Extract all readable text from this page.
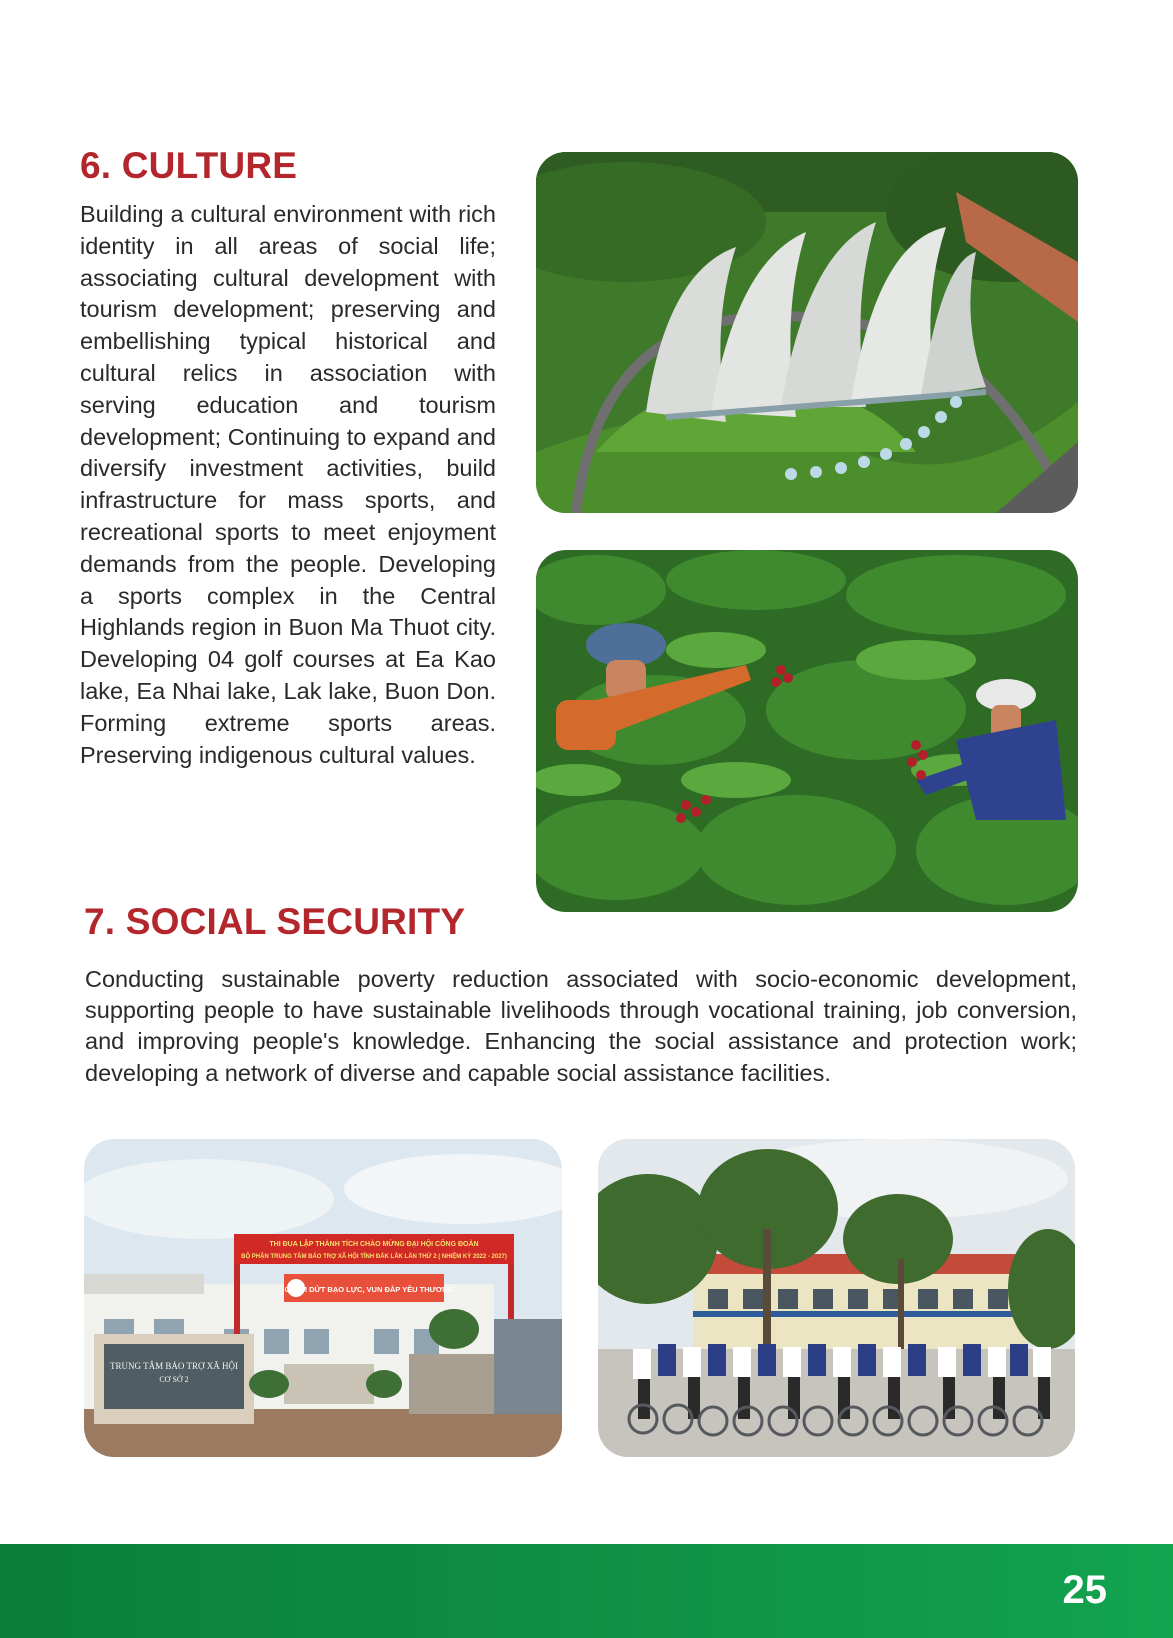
6. CULTURE

Building a cultural environment with rich identity in all areas of social life; associating cultural development with tourism development; preserving and embellishing typical historical and cultural relics in association with serving education and tourism development; Continuing to expand and diversify investment activities, build infrastructure for mass sports, and recreational sports to meet enjoyment demands from the people. Developing a sports complex in the Central Highlands region in Buon Ma Thuot city. Developing 04 golf courses at Ea Kao lake, Ea Nhai lake, Lak lake, Buon Don. Forming extreme sports areas. Preserving indigenous cultural values.

7. SOCIAL SECURITY

Conducting sustainable poverty reduction associated with socio-economic development, supporting people to have sustainable livelihoods through vocational training, job conversion, and improving people's knowledge. Enhancing the social assistance and protection work; developing a network of diverse and capable social assistance facilities.

THI ĐUA LẬP THÀNH TÍCH CHÀO MỪNG ĐẠI HỘI CÔNG ĐOÀN
BỘ PHẬN TRUNG TÂM BẢO TRỢ XÃ HỘI TỈNH ĐẮK LẮK LẦN THỨ 2 ( NHIỆM KỲ 2022 - 2027)
CHẤM DỨT BẠO LỰC, VUN ĐẮP YÊU THƯƠNG
TRUNG TÂM BẢO TRỢ XÃ HỘI
CƠ SỞ 2
25
